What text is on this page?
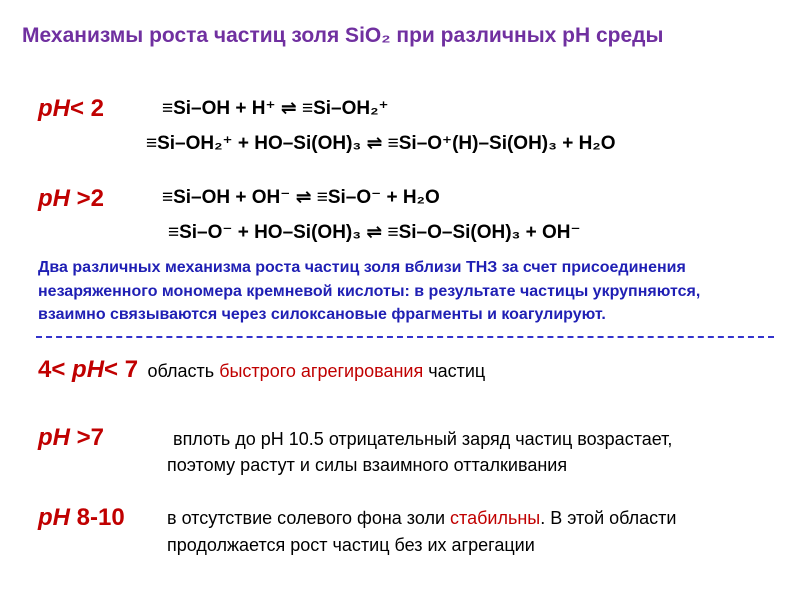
Механизмы роста частиц золя SiO₂ при различных pH среды
pH< 2	≡Si–OH + H⁺ ⇌ ≡Si–OH₂⁺
≡Si–OH₂⁺ + HO–Si(OH)₃ ⇌ ≡Si–O⁺(H)–Si(OH)₃ + H₂O
pH >2	≡Si–OH + OH⁻ ⇌ ≡Si–O⁻ + H₂O
≡Si–O⁻ + HO–Si(OH)₃ ⇌ ≡Si–O–Si(OH)₃ + OH⁻
Два различных механизма роста частиц золя вблизи ТНЗ за счет присоединения
незаряженного мономера кремневой кислоты: в результате частицы укрупняются,
взаимно связываются через силоксановые фрагменты и коагулируют.
4< pH< 7 область быстрого агрегирования частиц
pH >7	вплоть до pH 10.5 отрицательный заряд частиц возрастает,
поэтому растут и силы взаимного отталкивания
pH 8-10 в отсутствие солевого фона золи стабильны. В этой области
продолжается рост частиц без их агрегации
